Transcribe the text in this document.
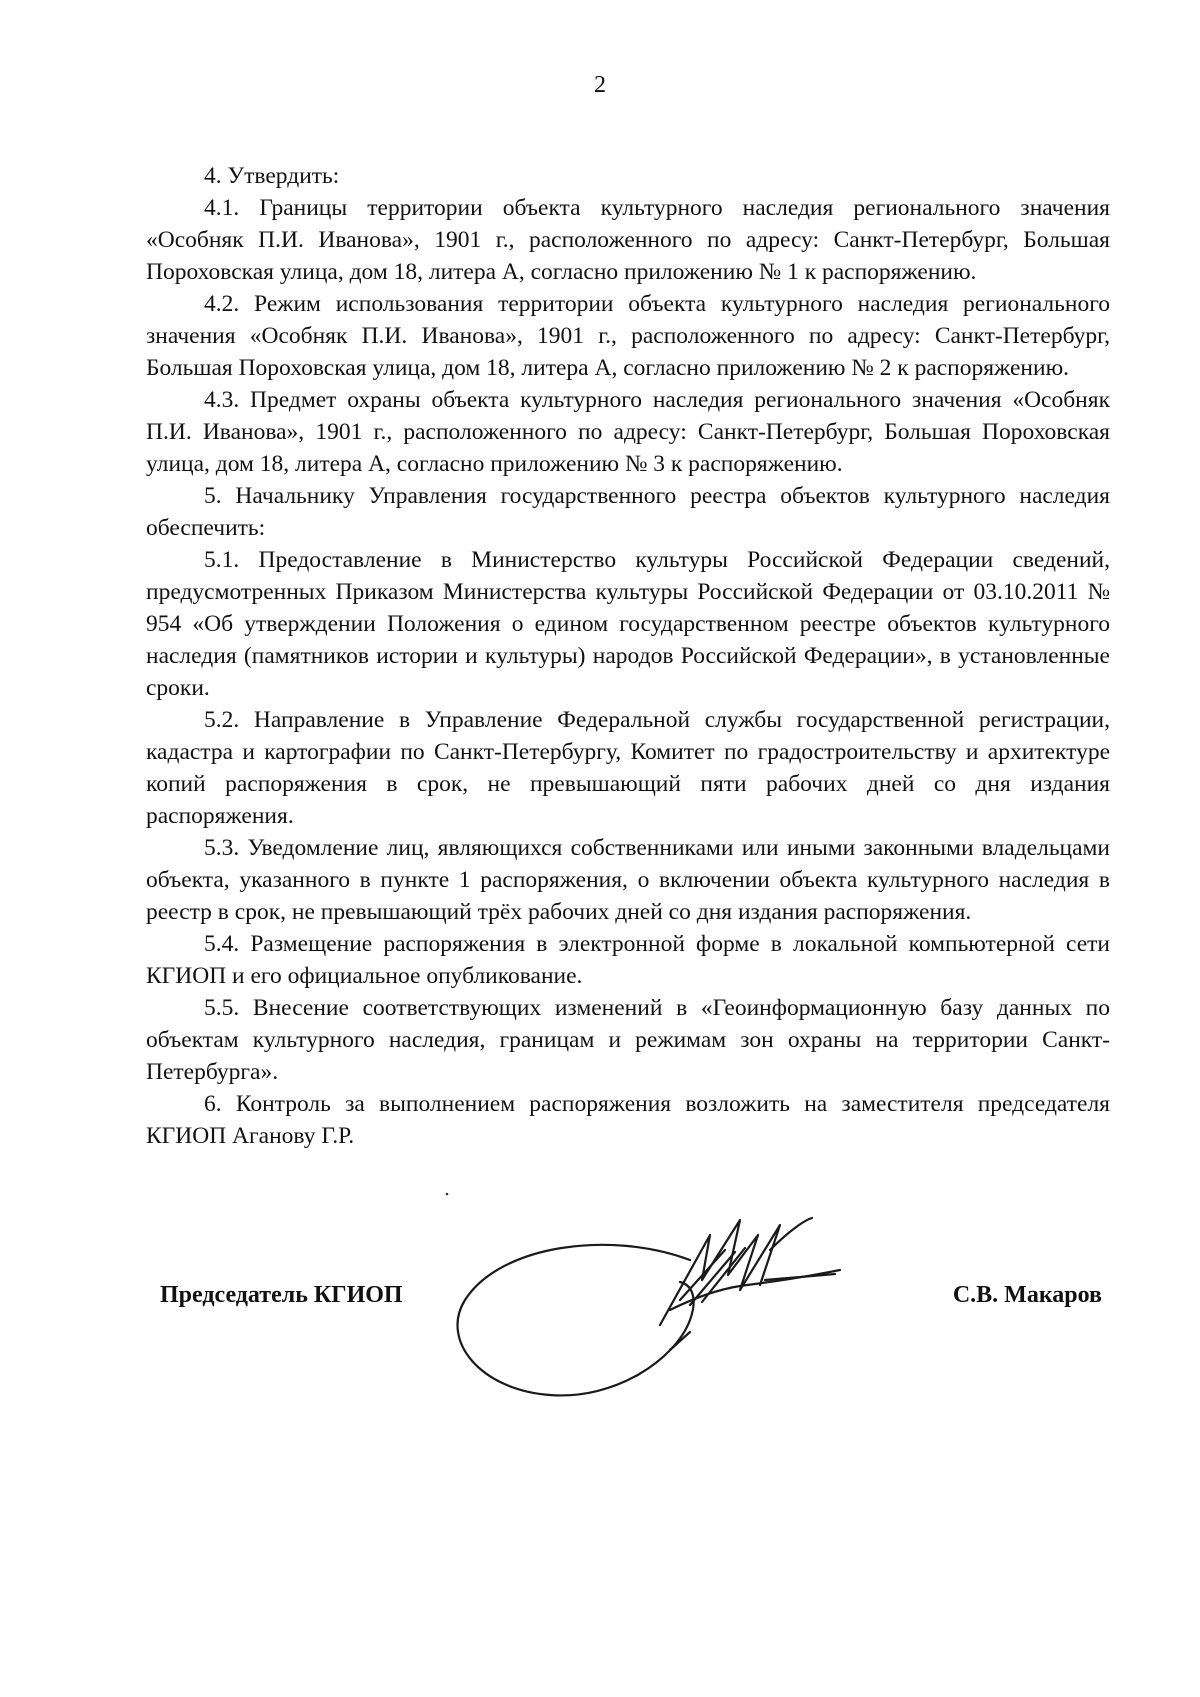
2

4. Утвердить:

4.1. Границы территории объекта культурного наследия регионального значения «Особняк П.И. Иванова», 1901 г., расположенного по адресу: Санкт-Петербург, Большая Пороховская улица, дом 18, литера А, согласно приложению № 1 к распоряжению.

4.2. Режим использования территории объекта культурного наследия регионального значения «Особняк П.И. Иванова», 1901 г., расположенного по адресу: Санкт-Петербург, Большая Пороховская улица, дом 18, литера А, согласно приложению № 2 к распоряжению.

4.3. Предмет охраны объекта культурного наследия регионального значения «Особняк П.И. Иванова», 1901 г., расположенного по адресу: Санкт-Петербург, Большая Пороховская улица, дом 18, литера А, согласно приложению № 3 к распоряжению.

5. Начальнику Управления государственного реестра объектов культурного наследия обеспечить:

5.1. Предоставление в Министерство культуры Российской Федерации сведений, предусмотренных Приказом Министерства культуры Российской Федерации от 03.10.2011 № 954 «Об утверждении Положения о едином государственном реестре объектов культурного наследия (памятников истории и культуры) народов Российской Федерации», в установленные сроки.

5.2. Направление в Управление Федеральной службы государственной регистрации, кадастра и картографии по Санкт-Петербургу, Комитет по градостроительству и архитектуре копий распоряжения в срок, не превышающий пяти рабочих дней со дня издания распоряжения.

5.3. Уведомление лиц, являющихся собственниками или иными законными владельцами объекта, указанного в пункте 1 распоряжения, о включении объекта культурного наследия в реестр в срок, не превышающий трёх рабочих дней со дня издания распоряжения.

5.4. Размещение распоряжения в электронной форме в локальной компьютерной сети КГИОП и его официальное опубликование.

5.5. Внесение соответствующих изменений в «Геоинформационную базу данных по объектам культурного наследия, границам и режимам зон охраны на территории Санкт-Петербурга».

6. Контроль за выполнением распоряжения возложить на заместителя председателя КГИОП Аганову Г.Р.

Председатель КГИОП	С.В. Макаров
